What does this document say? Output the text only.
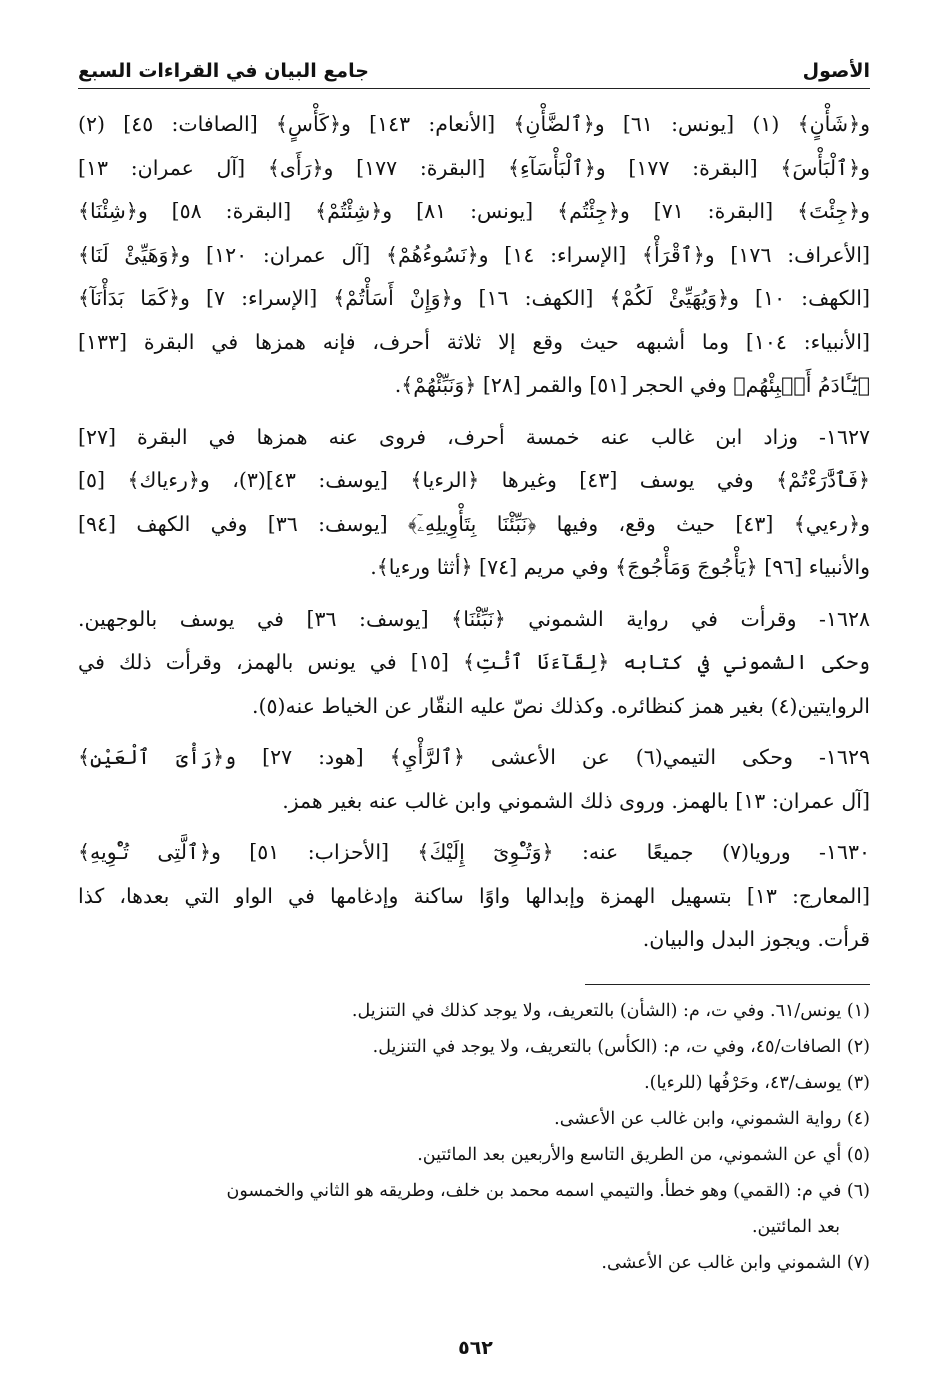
الأصول
جامع البيان في القراءات السبع
و﴿شَأْنٍ﴾ (١) [يونس: ٦١] و﴿ٱلضَّأْنِ﴾ [الأنعام: ١٤٣] و﴿كَأْسٍ﴾ [الصافات: ٤٥] (٢)
و﴿ٱلْبَأْسَ﴾ [البقرة: ١٧٧] و﴿ٱلْبَأْسَآءِ﴾ [البقرة: ١٧٧] و﴿رَأَى﴾ [آل عمران: ١٣]
و﴿جِئْتَ﴾ [البقرة: ٧١] و﴿جِئْتُم﴾ [يونس: ٨١] و﴿شِئْتُمْ﴾ [البقرة: ٥٨] و﴿شِئْنَا﴾
[الأعراف: ١٧٦] و﴿ٱقْرَأْ﴾ [الإسراء: ١٤] و﴿نَسُوءُهُمْ﴾ [آل عمران: ١٢٠] و﴿وَهَيِّئْ لَنَا﴾
[الكهف: ١٠] و﴿وَيُهَيِّئْ لَكُمْ﴾ [الكهف: ١٦] و﴿وَإِنْ أَسَأْتُمْ﴾ [الإسراء: ٧] و﴿كَمَا بَدَأْنَآ﴾
[الأنبياء: ١٠٤] وما أشبهه حيث وقع إلا ثلاثة أحرف، فإنه همزها في البقرة [١٣٣]
﴿يَٰٓـَٔادَمُ أَنۢبِئْهُم﴾ وفي الحجر [٥١] والقمر [٢٨] ﴿وَنَبِّئْهُمْ﴾.
١٦٢٧- وزاد ابن غالب عنه خمسة أحرف، فروى عنه همزها في البقرة [٢٧]
﴿فَٱدَّٰرَءْتُمْ﴾ وفي يوسف [٤٣] وغيرها ﴿الرءيا﴾ [يوسف: ٤٣](٣)، و﴿رءياك﴾ [٥]
و﴿رءيي﴾ [٤٣] حيث وقع، وفيها ﴿نَبِّئْنَا بِتَأْوِيلِهِۦٓ﴾ [يوسف: ٣٦] وفي الكهف [٩٤]
والأنبياء [٩٦] ﴿يَأْجُوجَ وَمَأْجُوجَ﴾ وفي مريم [٧٤] ﴿أثثا ورءيا﴾.
١٦٢٨- وقرأت في رواية الشموني ﴿نَبِّئْنَا﴾ [يوسف: ٣٦] في يوسف بالوجهين.
وحكى الشموني في كتابه ﴿لِقَآءَنَا ٱئْتِ﴾ [١٥] في يونس بالهمز، وقرأت ذلك في
الروايتين(٤) بغير همز كنظائره. وكذلك نصّ عليه النقّار عن الخياط عنه(٥).
١٦٢٩- وحكى التيمي(٦) عن الأعشى ﴿ٱلرَّأْيِ﴾ [هود: ٢٧] و﴿رَأْىَ ٱلْعَيْنِ﴾
[آل عمران: ١٣] بالهمز. وروى ذلك الشموني وابن غالب عنه بغير همز.
١٦٣٠- ورويا(٧) جميعًا عنه: ﴿وَتُـْٔوِىٓ إِلَيْكَ﴾ [الأحزاب: ٥١] و﴿ٱلَّتِى تُـْٔوِيهِ﴾
[المعارج: ١٣] بتسهيل الهمزة وإبدالها واوًا ساكنة وإدغامها في الواو التي بعدها، كذا
قرأت. ويجوز البدل والبيان.
(١) يونس/٦١. وفي ت، م: (الشأن) بالتعريف، ولا يوجد كذلك في التنزيل.
(٢) الصافات/٤٥، وفي ت، م: (الكأس) بالتعريف، ولا يوجد في التنزيل.
(٣) يوسف/٤٣، وحَرْفُها (للرءيا).
(٤) رواية الشموني، وابن غالب عن الأعشى.
(٥) أي عن الشموني، من الطريق التاسع والأربعين بعد المائتين.
(٦) في م: (القمي) وهو خطأ. والتيمي اسمه محمد بن خلف، وطريقه هو الثاني والخمسون
بعد المائتين.
(٧) الشموني وابن غالب عن الأعشى.
٥٦٢
